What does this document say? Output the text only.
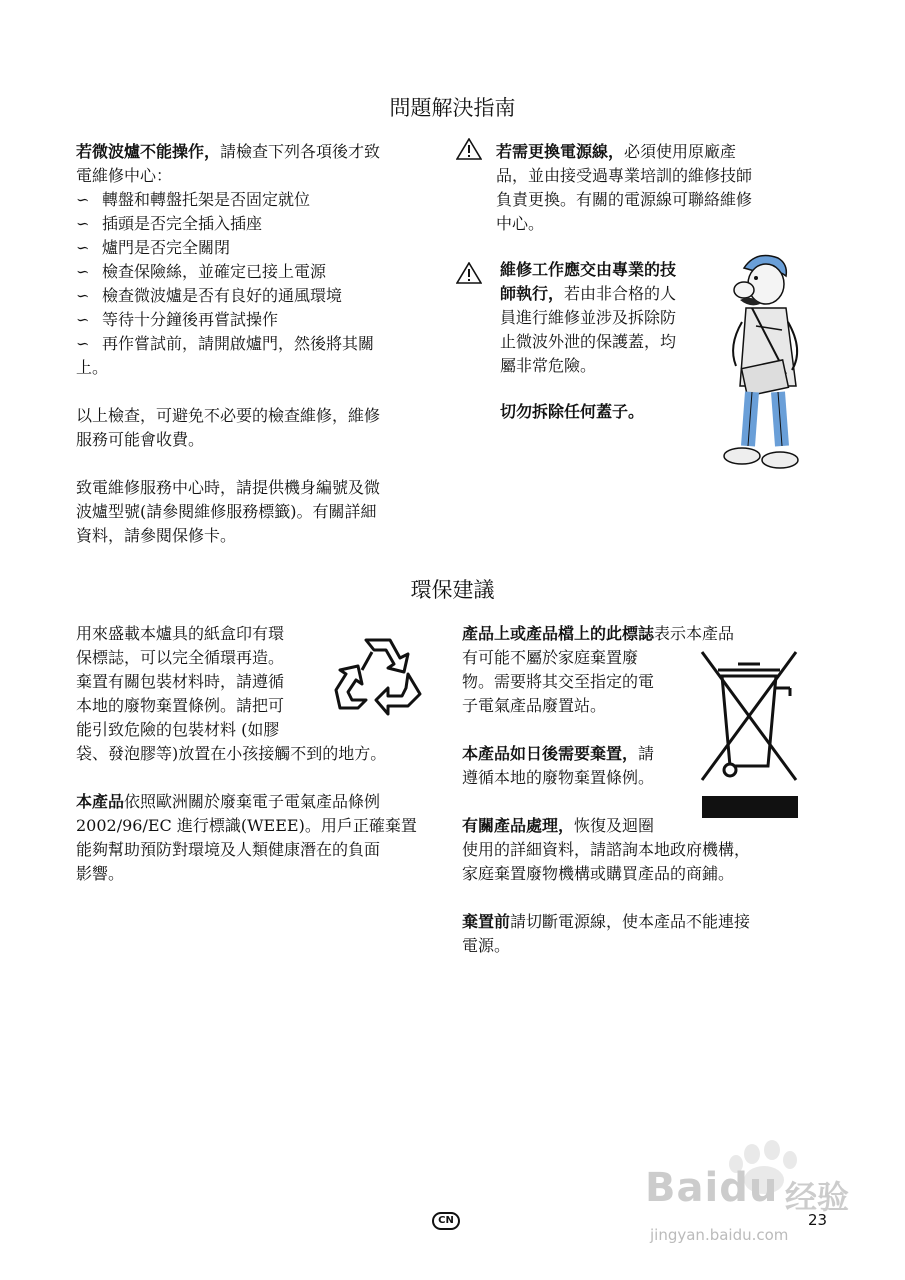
問題解決指南
若微波爐不能操作，請檢查下列各項後才致
電維修中心：
∽ 轉盤和轉盤托架是否固定就位
∽ 插頭是否完全插入插座
∽ 爐門是否完全關閉
∽ 檢查保險絲，並確定已接上電源
∽ 檢查微波爐是否有良好的通風環境
∽ 等待十分鐘後再嘗試操作
∽ 再作嘗試前，請開啟爐門，然後將其關
上。
以上檢查，可避免不必要的檢查維修，維修
服務可能會收費。
致電維修服務中心時，請提供機身編號及微
波爐型號(請參閱維修服務標籤)。有關詳細
資料，請參閱保修卡。
若需更換電源線，必須使用原廠產
品，並由接受過專業培訓的維修技師
負責更換。有關的電源線可聯絡維修
中心。
維修工作應交由專業的技
師執行，若由非合格的人
員進行維修並涉及拆除防
止微波外泄的保護蓋，均
屬非常危險。
切勿拆除任何蓋子。
環保建議
用來盛載本爐具的紙盒印有環
保標誌，可以完全循環再造。
棄置有關包裝材料時，請遵循
本地的廢物棄置條例。請把可
能引致危險的包裝材料 (如膠
袋、發泡膠等)放置在小孩接觸不到的地方。
本產品依照歐洲關於廢棄電子電氣產品條例
2002/96/EC 進行標識(WEEE)。用戶正確棄置
能夠幫助預防對環境及人類健康潛在的負面
影響。
產品上或產品檔上的此標誌表示本產品
有可能不屬於家庭棄置廢
物。需要將其交至指定的電
子電氣產品廢置站。
本產品如日後需要棄置，請
遵循本地的廢物棄置條例。
有關產品處理，恢復及迴圈
使用的詳細資料，請諮詢本地政府機構，
家庭棄置廢物機構或購買產品的商鋪。
棄置前請切斷電源線，使本產品不能連接
電源。
Baidu 经验
jingyan.baidu.com
CN	23
